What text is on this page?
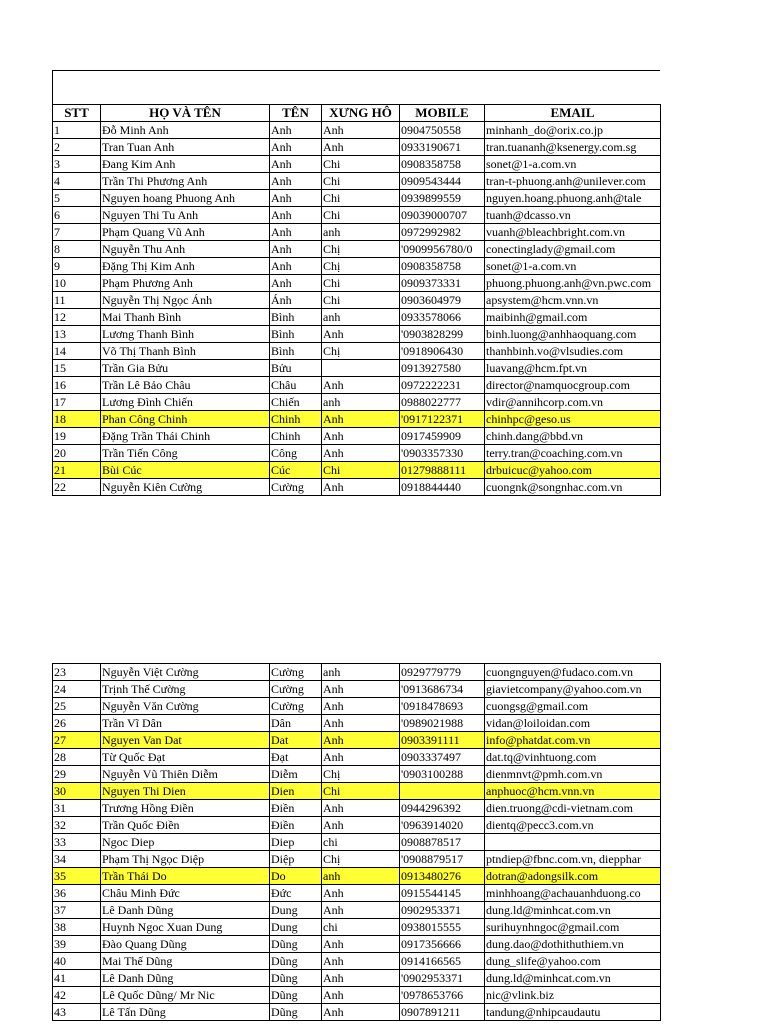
STT	HỌ VÀ TÊN	TÊN	XƯNG HÔ	MOBILE	EMAIL
1	Đỗ Minh Anh	Anh	Anh	0904750558	minhanh_do@orix.co.jp
2	Tran Tuan Anh	Anh	Anh	0933190671	tran.tuananh@ksenergy.com.sg
3	Đang Kim Anh	Anh	Chi	0908358758	sonet@1-a.com.vn
4	Trần Thi Phương Anh	Anh	Chi	0909543444	tran-t-phuong.anh@unilever.com
5	Nguyen hoang Phuong Anh	Anh	Chi	0939899559	nguyen.hoang.phuong.anh@tale
6	Nguyen Thi Tu Anh	Anh	Chi	09039000707	tuanh@dcasso.vn
7	Phạm Quang Vũ Anh	Anh	anh	0972992982	vuanh@bleachbright.com.vn
8	Nguyễn Thu Anh	Anh	Chị	'0909956780/0	conectinglady@gmail.com
9	Đặng Thị Kim Anh	Anh	Chị	0908358758	sonet@1-a.com.vn
10	Phạm Phương Anh	Anh	Chi	0909373331	phuong.phuong.anh@vn.pwc.com
11	Nguyễn Thị Ngọc Ánh	Ánh	Chi	0903604979	apsystem@hcm.vnn.vn
12	Mai Thanh Bình	Bình	anh	0933578066	maibinh@gmail.com
13	Lương Thanh Bình	Bình	Anh	'0903828299	binh.luong@anhhaoquang.com
14	Võ Thị Thanh Bình	Bình	Chị	'0918906430	thanhbinh.vo@vlsudies.com
15	Trần Gia Bửu	Bửu		0913927580	luavang@hcm.fpt.vn
16	Trần Lê Bảo Châu	Châu	Anh	0972222231	director@namquocgroup.com
17	Lương Đình Chiến	Chiến	anh	0988022777	vdir@annihcorp.com.vn
18	Phan Công Chinh	Chinh	Anh	'0917122371	chinhpc@geso.us
19	Đặng Trần Thái Chinh	Chinh	Anh	0917459909	chinh.dang@bbd.vn
20	Trần Tiến Công	Công	Anh	'0903357330	terry.tran@coaching.com.vn
21	Bùi Cúc	Cúc	Chi	01279888111	drbuicuc@yahoo.com
22	Nguyễn Kiên Cường	Cường	Anh	0918844440	cuongnk@songnhac.com.vn
23	Nguyễn Việt Cường	Cường	anh	0929779779	cuongnguyen@fudaco.com.vn
24	Trịnh Thế Cường	Cường	Anh	'0913686734	giavietcompany@yahoo.com.vn
25	Nguyễn Văn Cường	Cường	Anh	'0918478693	cuongsg@gmail.com
26	Trần Vĩ Dân	Dân	Anh	'0989021988	vidan@loiloidan.com
27	Nguyen Van Dat	Dat	Anh	0903391111	info@phatdat.com.vn
28	Từ Quốc Đạt	Đạt	Anh	0903337497	dat.tq@vinhtuong.com
29	Nguyễn Vũ Thiên Diễm	Diễm	Chị	'0903100288	dienmnvt@pmh.com.vn
30	Nguyen Thi Dien	Dien	Chi		anphuoc@hcm.vnn.vn
31	Trương Hồng Điền	Điền	Anh	0944296392	dien.truong@cdi-vietnam.com
32	Trần Quốc Điền	Điền	Anh	'0963914020	dientq@pecc3.com.vn
33	Ngoc Diep	Diep	chi	0908878517	
34	Phạm Thị Ngọc Diệp	Diệp	Chị	'0908879517	ptndiep@fbnc.com.vn, diepphar
35	Trần Thái Do	Do	anh	0913480276	dotran@adongsilk.com
36	Châu Minh Đức	Đức	Anh	0915544145	minhhoang@achauanhduong.co
37	Lê Danh Dũng	Dung	Anh	0902953371	dung.ld@minhcat.com.vn
38	Huynh Ngoc Xuan Dung	Dung	chi	0938015555	surihuynhngoc@gmail.com
39	Đào Quang Dũng	Dũng	Anh	0917356666	dung.dao@dothithuthiem.vn
40	Mai Thế Dũng	Dũng	Anh	0914166565	dung_slife@yahoo.com
41	Lê Danh Dũng	Dũng	Anh	'0902953371	dung.ld@minhcat.com.vn
42	Lê Quốc Dũng/ Mr Nic	Dũng	Anh	'0978653766	nic@vlink.biz
43	Lê Tấn Dũng	Dũng	Anh	0907891211	tandung@nhipcaudautu
